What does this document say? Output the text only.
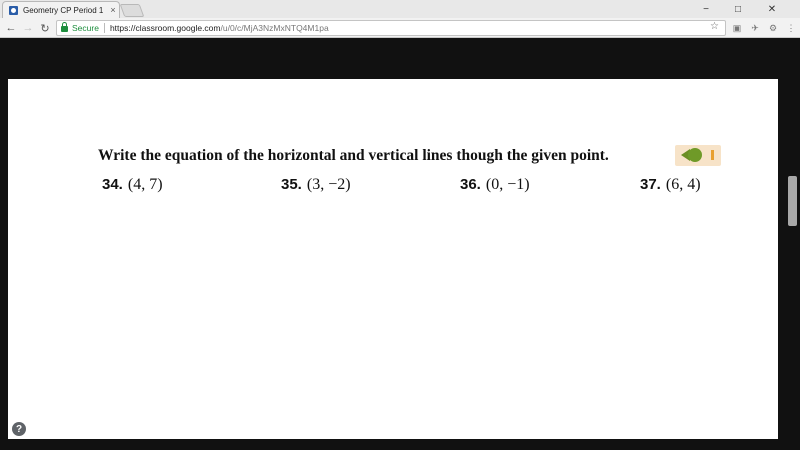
Geometry CP Period 1 ×	−	□	✕
← → ↻	Secure https://classroom.google.com /u/0/c/MjA3NzMxNTQ4M1pa	☆	▣	✈	⚙	⋮
Write the equation of the horizontal and vertical lines though the given point.
34. (4, 7)	35. (3, −2)	36. (0, −1)	37. (6, 4)
?
